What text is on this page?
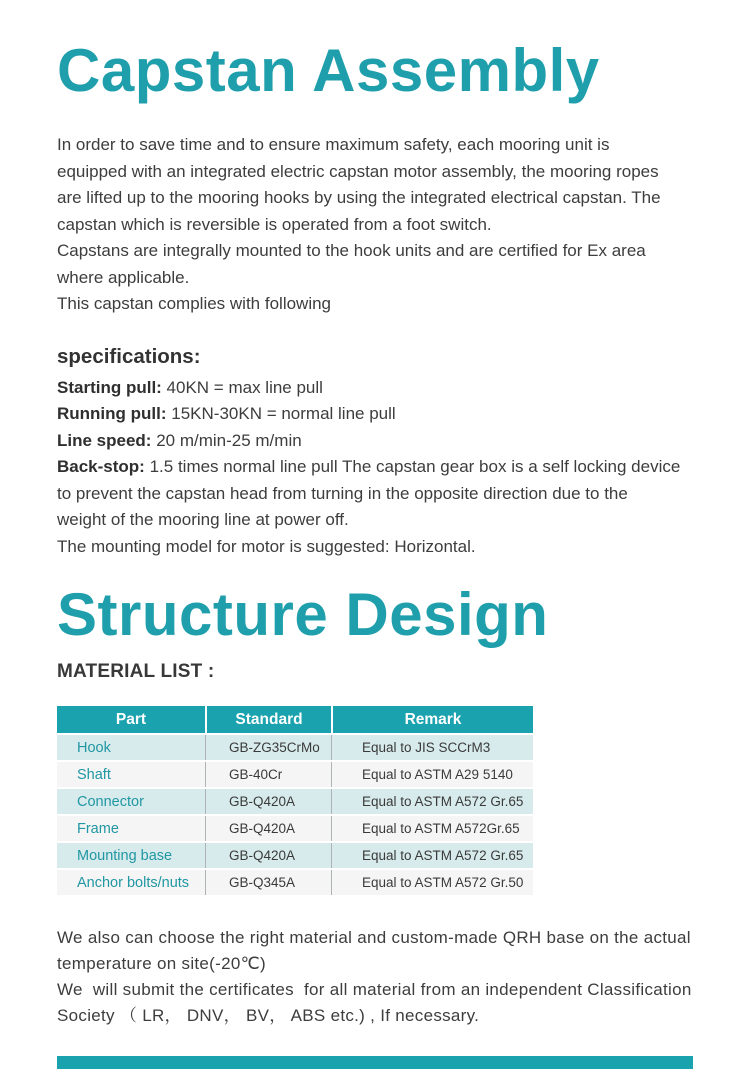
Capstan Assembly
In order to save time and to ensure maximum safety, each mooring unit is
equipped with an integrated electric capstan motor assembly, the mooring ropes
are lifted up to the mooring hooks by using the integrated electrical capstan. The
capstan which is reversible is operated from a foot switch.
Capstans are integrally mounted to the hook units and are certified for Ex area
where applicable.
This capstan complies with following
specifications:
Starting pull: 40KN = max line pull
Running pull: 15KN-30KN = normal line pull
Line speed: 20 m/min-25 m/min
Back-stop: 1.5 times normal line pull The capstan gear box is a self locking device
to prevent the capstan head from turning in the opposite direction due to the
weight of the mooring line at power off.
The mounting model for motor is suggested: Horizontal.
Structure Design
MATERIAL LIST :
Part	Standard	Remark
Hook	GB-ZG35CrMo	Equal to JIS SCCrM3
Shaft	GB-40Cr	Equal to ASTM A29 5140
Connector	GB-Q420A	Equal to ASTM A572 Gr.65
Frame	GB-Q420A	Equal to ASTM A572Gr.65
Mounting base	GB-Q420A	Equal to ASTM A572 Gr.65
Anchor bolts/nuts	GB-Q345A	Equal to ASTM A572 Gr.50
We also can choose the right material and custom-made QRH base on the actual
temperature on site(-20℃)
We  will submit the certificates  for all material from an independent Classification
Society （ LR， DNV， BV， ABS etc.) , If necessary.
